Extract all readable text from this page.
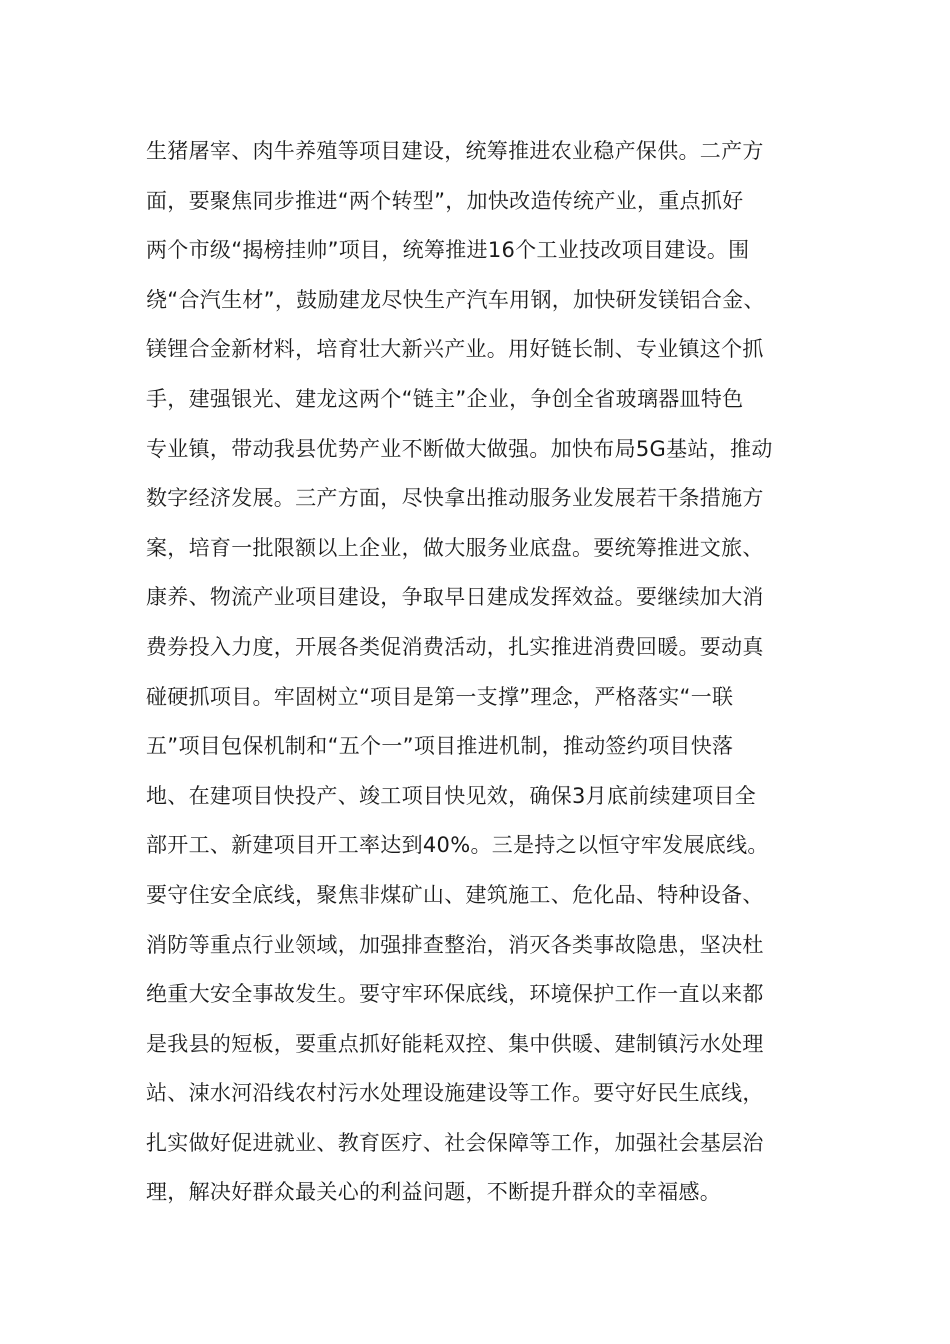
生猪屠宰、肉牛养殖等项目建设，统筹推进农业稳产保供。二产方
面，要聚焦同步推进“两个转型”，加快改造传统产业，重点抓好
两个市级“揭榜挂帅”项目，统筹推进16个工业技改项目建设。围
绕“合汽生材”，鼓励建龙尽快生产汽车用钢，加快研发镁铝合金、
镁锂合金新材料，培育壮大新兴产业。用好链长制、专业镇这个抓
手，建强银光、建龙这两个“链主”企业，争创全省玻璃器皿特色
专业镇，带动我县优势产业不断做大做强。加快布局5G基站，推动
数字经济发展。三产方面，尽快拿出推动服务业发展若干条措施方
案，培育一批限额以上企业，做大服务业底盘。要统筹推进文旅、
康养、物流产业项目建设，争取早日建成发挥效益。要继续加大消
费券投入力度，开展各类促消费活动，扎实推进消费回暖。要动真
碰硬抓项目。牢固树立“项目是第一支撑”理念，严格落实“一联
五”项目包保机制和“五个一”项目推进机制，推动签约项目快落
地、在建项目快投产、竣工项目快见效，确保3月底前续建项目全
部开工、新建项目开工率达到40%。三是持之以恒守牢发展底线。
要守住安全底线，聚焦非煤矿山、建筑施工、危化品、特种设备、
消防等重点行业领域，加强排查整治，消灭各类事故隐患，坚决杜
绝重大安全事故发生。要守牢环保底线，环境保护工作一直以来都
是我县的短板，要重点抓好能耗双控、集中供暖、建制镇污水处理
站、涑水河沿线农村污水处理设施建设等工作。要守好民生底线，
扎实做好促进就业、教育医疗、社会保障等工作，加强社会基层治
理，解决好群众最关心的利益问题，不断提升群众的幸福感。
